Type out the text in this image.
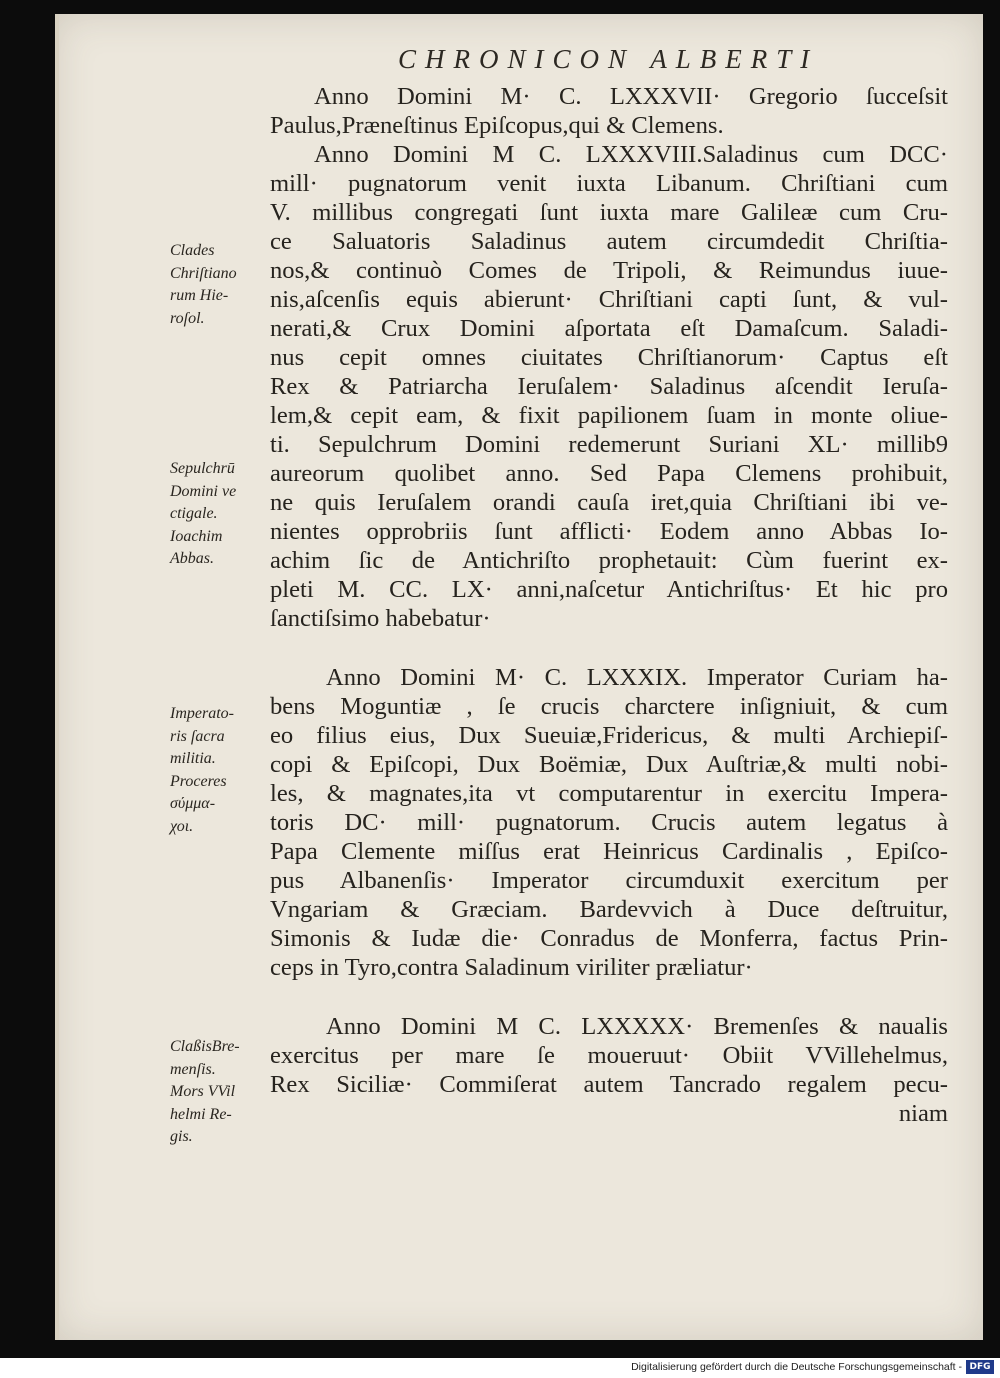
CHRONICON ALBERTI
Anno Domini M· C. LXXXVII· Gregorio ſucceſsit
Paulus,Præneſtinus Epiſcopus,qui & Clemens.
Anno Domini M C. LXXXVIII.Saladinus cum DCC·
mill· pugnatorum venit iuxta Libanum. Chriſtiani cum
V. millibus congregati ſunt iuxta mare Galileæ cum Cru-
ce Saluatoris Saladinus autem circumdedit Chriſtia-
nos,& continuò Comes de Tripoli, & Reimundus iuue-
nis,aſcenſis equis abierunt· Chriſtiani capti ſunt, & vul-
nerati,& Crux Domini aſportata eſt Damaſcum. Saladi-
nus cepit omnes ciuitates Chriſtianorum· Captus eſt
Rex & Patriarcha Ieruſalem· Saladinus aſcendit Ieruſa-
lem,& cepit eam, & fixit papilionem ſuam in monte oliue-
ti. Sepulchrum Domini redemerunt Suriani XL· millib9
aureorum quolibet anno. Sed Papa Clemens prohibuit,
ne quis Ieruſalem orandi cauſa iret,quia Chriſtiani ibi ve-
nientes opprobriis ſunt afflicti· Eodem anno Abbas Io-
achim ſic de Antichriſto prophetauit: Cùm fuerint ex-
pleti M. CC. LX· anni,naſcetur Antichriſtus· Et hic pro
ſanctiſsimo habebatur·
Anno Domini M· C. LXXXIX. Imperator Curiam ha-
bens Moguntiæ , ſe crucis charctere inſigniuit, & cum
eo filius eius, Dux Sueuiæ,Fridericus, & multi Archiepiſ-
copi & Epiſcopi, Dux Boëmiæ, Dux Auſtriæ,& multi nobi-
les, & magnates,ita vt computarentur in exercitu Impera-
toris DC· mill· pugnatorum. Crucis autem legatus à
Papa Clemente miſſus erat Heinricus Cardinalis , Epiſco-
pus Albanenſis· Imperator circumduxit exercitum per
Vngariam & Græciam. Bardevvich à Duce deſtruitur,
Simonis & Iudæ die· Conradus de Monferra, factus Prin-
ceps in Tyro,contra Saladinum viriliter præliatur·
Anno Domini M C. LXXXXX· Bremenſes & naualis
exercitus per mare ſe moueruut· Obiit VVillehelmus,
Rex Siciliæ· Commiſerat autem Tancrado regalem pecu-
niam
Clades
Chriſtiano
rum Hie-
roſol.
Sepulchrū
Domini ve
ctigale.
Ioachim
Abbas.
Imperato-
ris ſacra
militia.
Proceres
σύμμα-
χοι.
ClaßisBre-
menſis.
Mors VVil
helmi Re-
gis.
Digitalisierung gefördert durch die Deutsche Forschungsgemeinschaft - DFG
